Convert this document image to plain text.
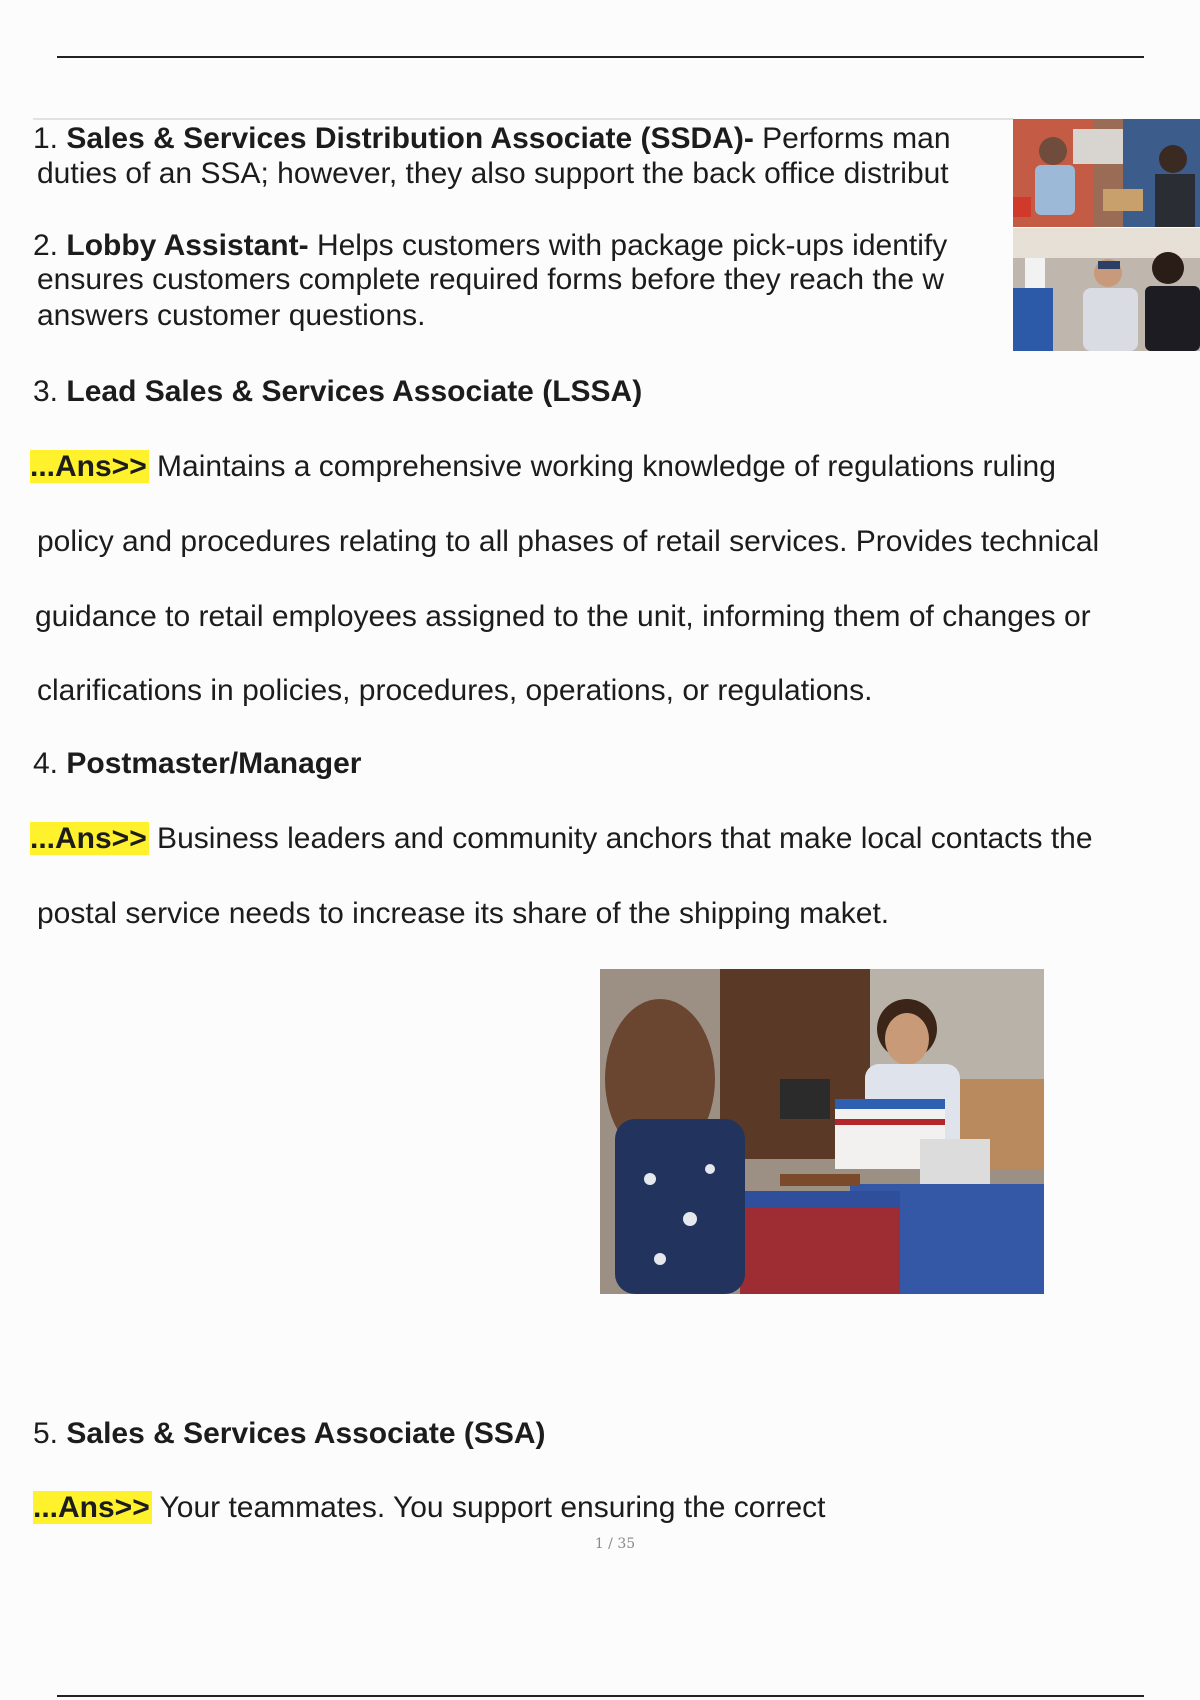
1. Sales & Services Distribution Associate (SSDA)- Performs man
duties of an SSA; however, they also support the back office distribut
2. Lobby Assistant- Helps customers with package pick-ups identify
ensures customers complete required forms before they reach the w
answers customer questions.
3. Lead Sales & Services Associate (LSSA)
...Ans>> Maintains a comprehensive working knowledge of regulations ruling
policy and procedures relating to all phases of retail services. Provides technical
guidance to retail employees assigned to the unit, informing them of changes or
clarifications in policies, procedures, operations, or regulations.
4. Postmaster/Manager
...Ans>> Business leaders and community anchors that make local contacts the
postal service needs to increase its share of the shipping maket.
5. Sales & Services Associate (SSA)
...Ans>> Your teammates. You support ensuring the correct
1 / 35
